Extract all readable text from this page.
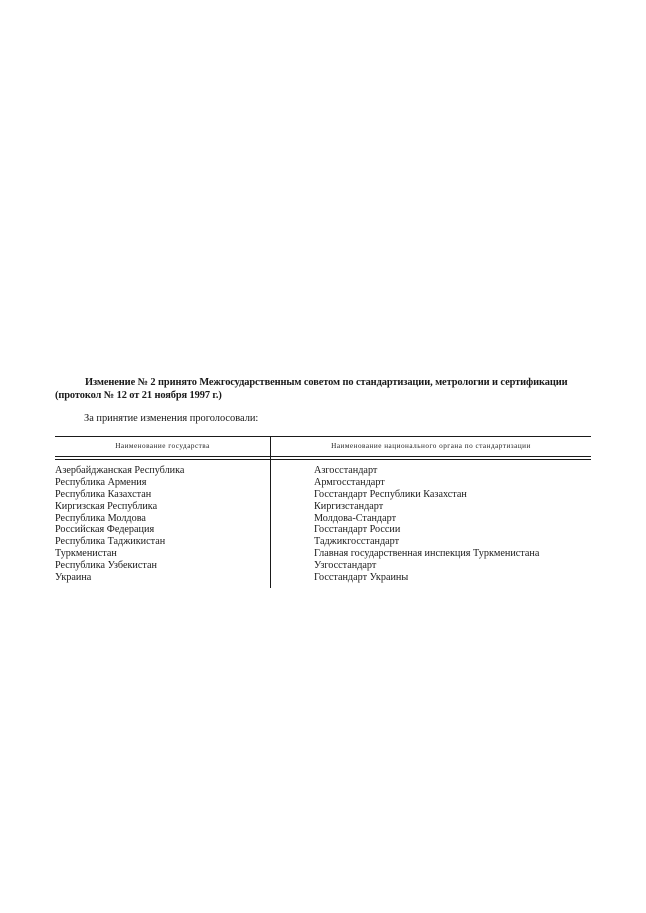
Изменение № 2 принято Межгосударственным советом по стандартизации, метрологии и сертификации
(протокол № 12 от 21 ноября 1997 г.)
За принятие изменения проголосовали:
Наименование государства	Наименование национального органа по стандартизации
Азербайджанская Республика	Азгосстандарт
Республика Армения	Армгосстандарт
Республика Казахстан	Госстандарт Республики Казахстан
Киргизская Республика	Киргизстандарт
Республика Молдова	Молдова-Стандарт
Российская Федерация	Госстандарт России
Республика Таджикистан	Таджикгосстандарт
Туркменистан	Главная государственная инспекция Туркменистана
Республика Узбекистан	Узгосстандарт
Украина	Госстандарт Украины
